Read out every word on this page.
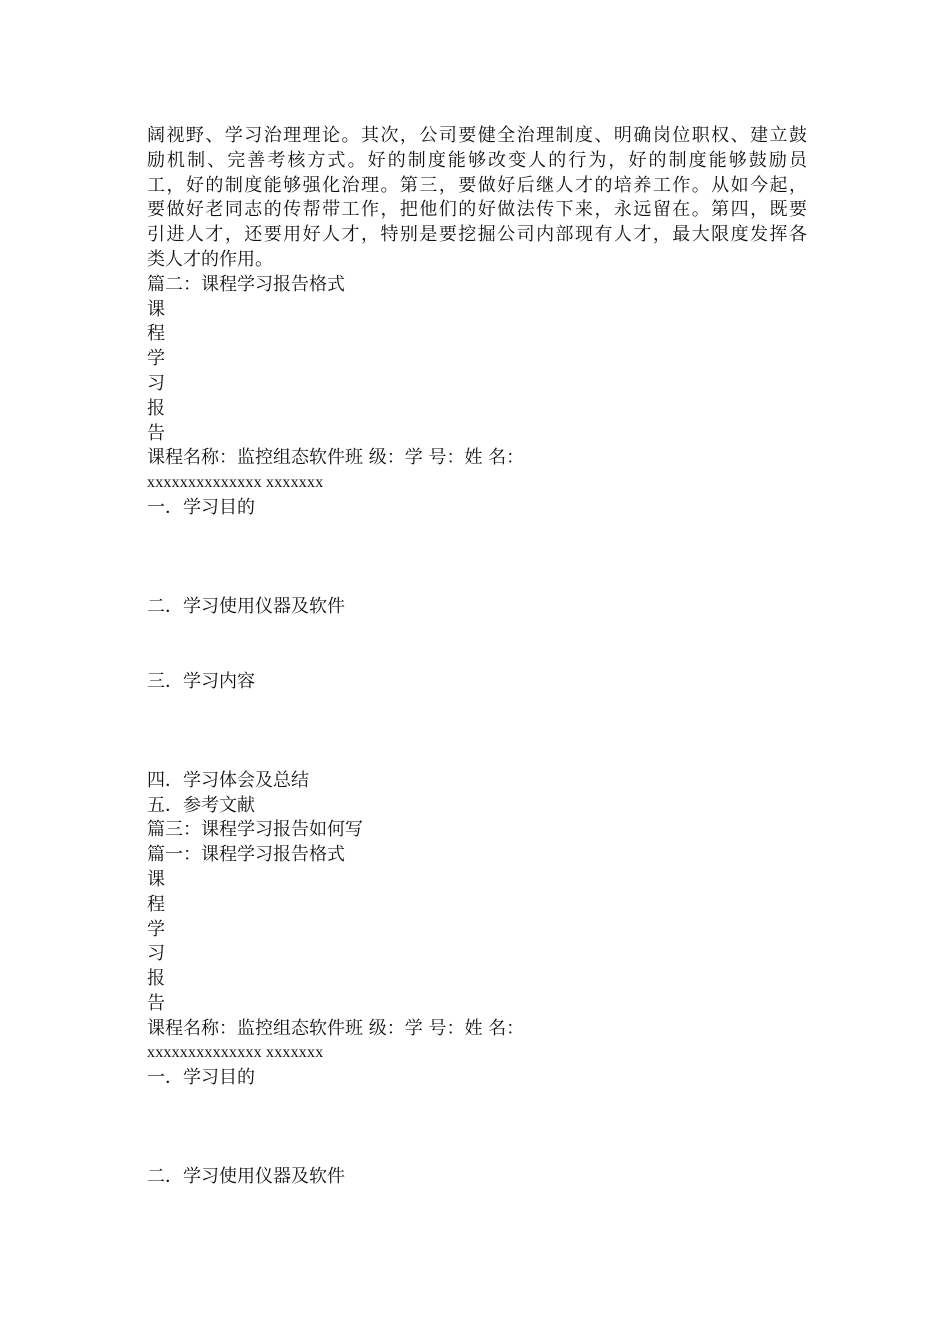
阔视野、学习治理理论。其次，公司要健全治理制度、明确岗位职权、建立鼓
励机制、完善考核方式。好的制度能够改变人的行为，好的制度能够鼓励员
工，好的制度能够强化治理。第三，要做好后继人才的培养工作。从如今起，
要做好老同志的传帮带工作，把他们的好做法传下来，永远留在。第四，既要
引进人才，还要用好人才，特别是要挖掘公司内部现有人才，最大限度发挥各
类人才的作用。
篇二：课程学习报告格式
课
程
学
习
报
告
课程名称：监控组态软件班 级：学 号：姓 名：
xxxxxxxxxxxxxx xxxxxxx
一．学习目的
二．学习使用仪器及软件
三．学习内容
四．学习体会及总结
五．参考文献
篇三：课程学习报告如何写
篇一：课程学习报告格式
课
程
学
习
报
告
课程名称：监控组态软件班 级：学 号：姓 名：
xxxxxxxxxxxxxx xxxxxxx
一．学习目的
二．学习使用仪器及软件
